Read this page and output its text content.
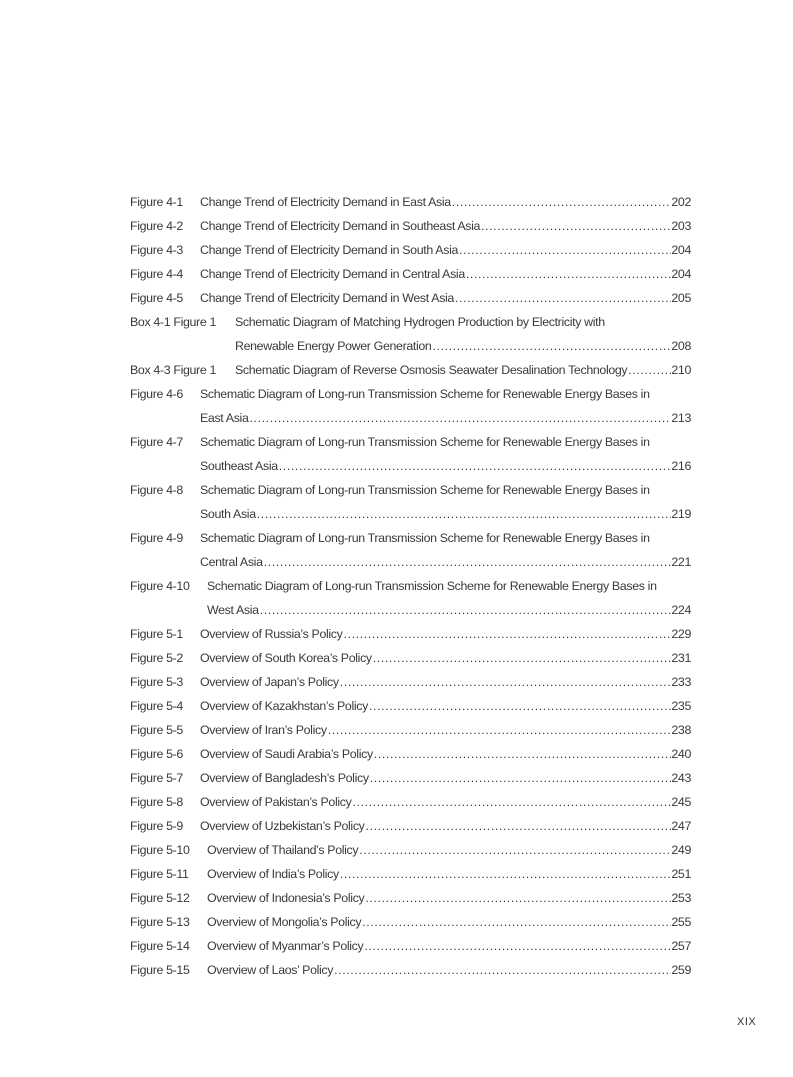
Figure 4-1	Change Trend of Electricity Demand in East Asia .....	202
Figure 4-2	Change Trend of Electricity Demand in Southeast Asia .....	203
Figure 4-3	Change Trend of Electricity Demand in South Asia .....	204
Figure 4-4	Change Trend of Electricity Demand in Central Asia .....	204
Figure 4-5	Change Trend of Electricity Demand in West Asia .....	205
Box 4-1 Figure 1	Schematic Diagram of Matching Hydrogen Production by Electricity with
Renewable Energy Power Generation .....	208
Box 4-3 Figure 1	Schematic Diagram of Reverse Osmosis Seawater Desalination Technology .....	210
Figure 4-6	Schematic Diagram of Long-run Transmission Scheme for Renewable Energy Bases in
East Asia .....	213
Figure 4-7	Schematic Diagram of Long-run Transmission Scheme for Renewable Energy Bases in
Southeast Asia .....	216
Figure 4-8	Schematic Diagram of Long-run Transmission Scheme for Renewable Energy Bases in
South Asia .....	219
Figure 4-9	Schematic Diagram of Long-run Transmission Scheme for Renewable Energy Bases in
Central Asia .....	221
Figure 4-10	Schematic Diagram of Long-run Transmission Scheme for Renewable Energy Bases in
West Asia .....	224
Figure 5-1	Overview of Russia’s Policy .....	229
Figure 5-2	Overview of South Korea’s Policy .....	231
Figure 5-3	Overview of Japan’s Policy .....	233
Figure 5-4	Overview of Kazakhstan’s Policy .....	235
Figure 5-5	Overview of Iran’s Policy .....	238
Figure 5-6	Overview of Saudi Arabia’s Policy .....	240
Figure 5-7	Overview of Bangladesh’s Policy .....	243
Figure 5-8	Overview of Pakistan’s Policy .....	245
Figure 5-9	Overview of Uzbekistan’s Policy .....	247
Figure 5-10	Overview of Thailand’s Policy .....	249
Figure 5-11	Overview of India’s Policy .....	251
Figure 5-12	Overview of Indonesia’s Policy .....	253
Figure 5-13	Overview of Mongolia’s Policy .....	255
Figure 5-14	Overview of Myanmar’s Policy .....	257
Figure 5-15	Overview of Laos’ Policy .....	259
XIX
